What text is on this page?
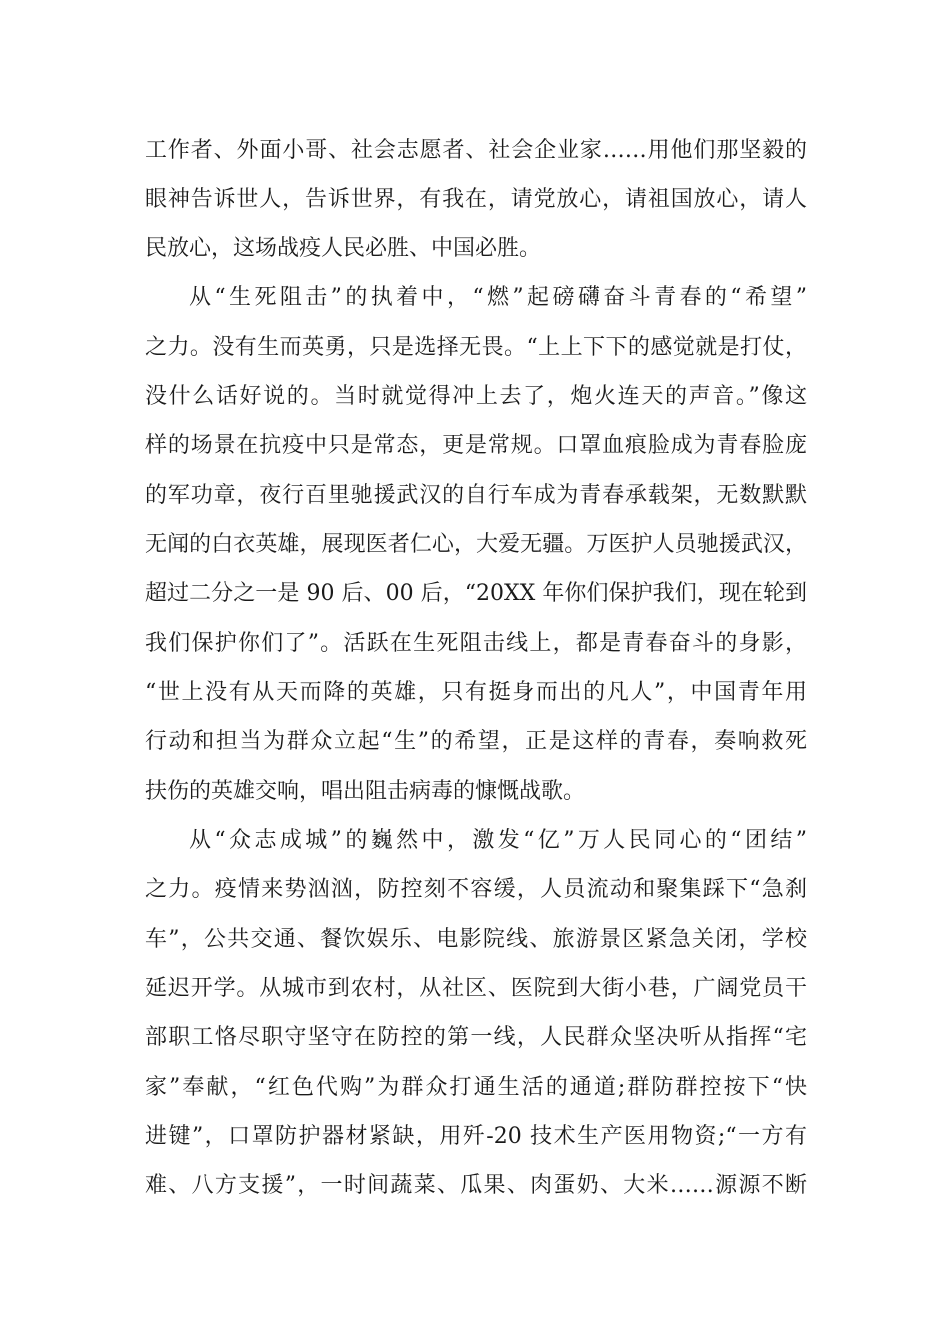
工作者、外面小哥、社会志愿者、社会企业家……用他们那坚毅的
眼神告诉世人，告诉世界，有我在，请党放心，请祖国放心，请人
民放心，这场战疫人民必胜、中国必胜。
从“生死阻击”的执着中，“燃”起磅礴奋斗青春的“希望”
之力。没有生而英勇，只是选择无畏。“上上下下的感觉就是打仗，
没什么话好说的。当时就觉得冲上去了，炮火连天的声音。”像这
样的场景在抗疫中只是常态，更是常规。口罩血痕脸成为青春脸庞
的军功章，夜行百里驰援武汉的自行车成为青春承载架，无数默默
无闻的白衣英雄，展现医者仁心，大爱无疆。万医护人员驰援武汉，
超过二分之一是 90 后、00 后，“20XX 年你们保护我们，现在轮到
我们保护你们了”。活跃在生死阻击线上，都是青春奋斗的身影，
“世上没有从天而降的英雄，只有挺身而出的凡人”，中国青年用
行动和担当为群众立起“生”的希望，正是这样的青春，奏响救死
扶伤的英雄交响，唱出阻击病毒的慷慨战歌。
从“众志成城”的巍然中，激发“亿”万人民同心的“团结”
之力。疫情来势汹汹，防控刻不容缓，人员流动和聚集踩下“急刹
车”，公共交通、餐饮娱乐、电影院线、旅游景区紧急关闭，学校
延迟开学。从城市到农村，从社区、医院到大街小巷，广阔党员干
部职工恪尽职守坚守在防控的第一线，人民群众坚决听从指挥“宅
家”奉献，“红色代购”为群众打通生活的通道;群防群控按下“快
进键”，口罩防护器材紧缺，用歼-20 技术生产医用物资;“一方有
难、八方支援”，一时间蔬菜、瓜果、肉蛋奶、大米……源源不断
